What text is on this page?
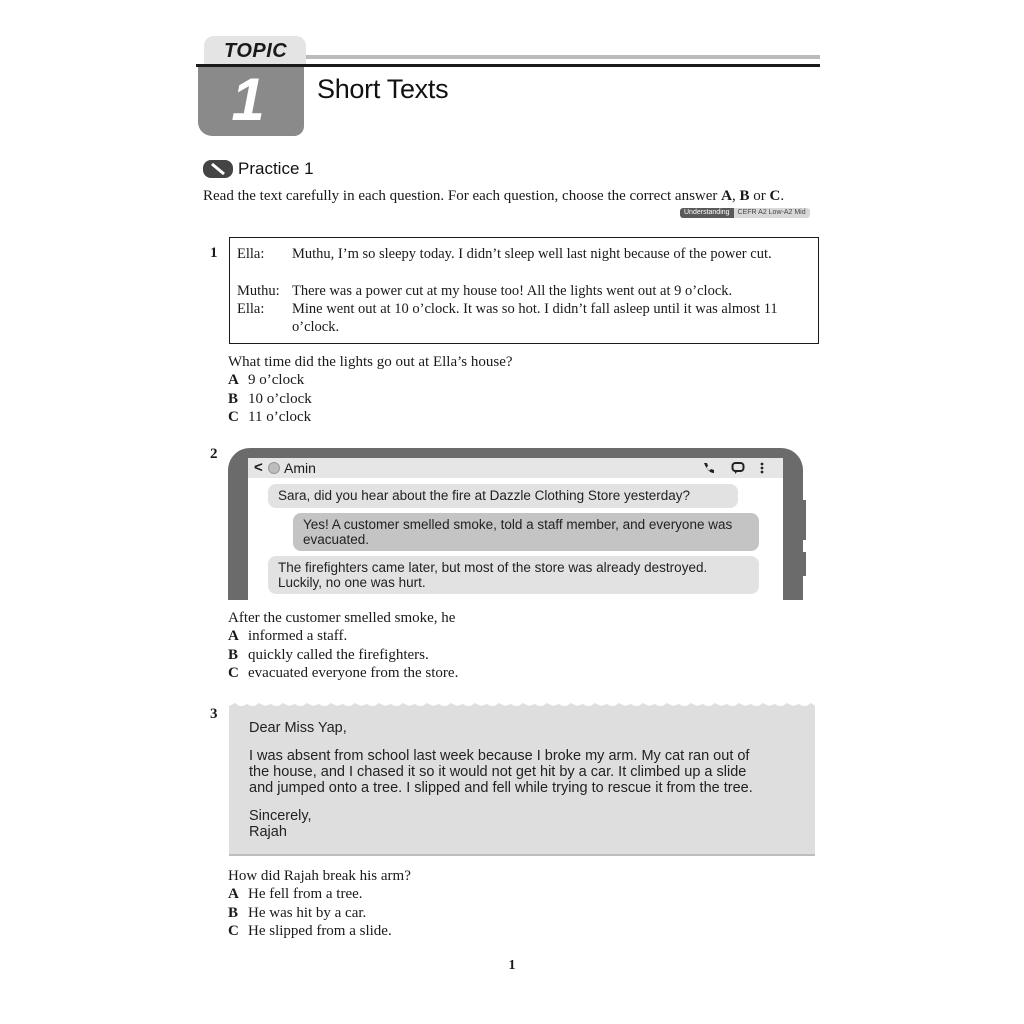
TOPIC
1	Short Texts
Practice 1
Read the text carefully in each question. For each question, choose the correct answer A, B or C.
Understanding	CEFR A2 Low-A2 Mid
1 Ella:	Muthu, I’m so sleepy today. I didn’t sleep well last night because of the power cut.
Muthu: There was a power cut at my house too! All the lights went out at 9 o’clock.
Ella:	Mine went out at 10 o’clock. It was so hot. I didn’t fall asleep until it was almost 11 o’clock.
What time did the lights go out at Ella’s house?
A 9 o’clock
B 10 o’clock
C 11 o’clock
2
< Amin
Sara, did you hear about the fire at Dazzle Clothing Store yesterday?
Yes! A customer smelled smoke, told a staff member, and everyone was evacuated.
The firefighters came later, but most of the store was already destroyed. Luckily, no one was hurt.
After the customer smelled smoke, he
A informed a staff.
B quickly called the firefighters.
C evacuated everyone from the store.
3
Dear Miss Yap,
I was absent from school last week because I broke my arm. My cat ran out of
the house, and I chased it so it would not get hit by a car. It climbed up a slide
and jumped onto a tree. I slipped and fell while trying to rescue it from the tree.
Sincerely,
Rajah
How did Rajah break his arm?
A He fell from a tree.
B He was hit by a car.
C He slipped from a slide.
1
